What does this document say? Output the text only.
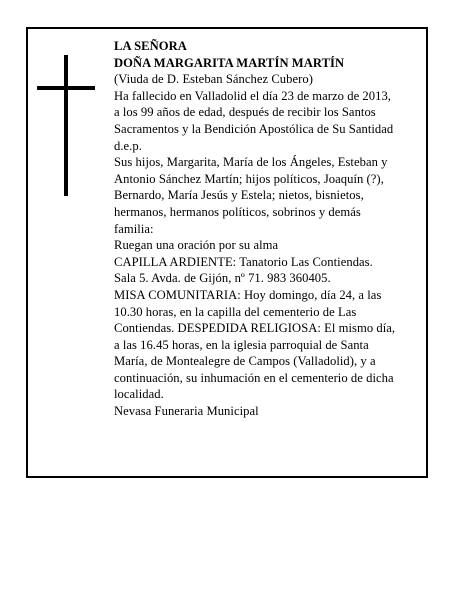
LA SEÑORA
DOÑA MARGARITA MARTÍN MARTÍN
(Viuda de D. Esteban Sánchez Cubero)
Ha fallecido en Valladolid el día 23 de marzo de 2013,
a los 99 años de edad, después de recibir los Santos
Sacramentos y la Bendición Apostólica de Su Santidad
d.e.p.
Sus hijos, Margarita, María de los Ángeles, Esteban y
Antonio Sánchez Martín; hijos políticos, Joaquín (?),
Bernardo, María Jesús y Estela; nietos, bisnietos,
hermanos, hermanos políticos, sobrinos y demás
familia:
Ruegan una oración por su alma
CAPILLA ARDIENTE: Tanatorio Las Contiendas.
Sala 5. Avda. de Gijón, nº 71. 983 360405.
MISA COMUNITARIA: Hoy domingo, día 24, a las
10.30 horas, en la capilla del cementerio de Las
Contiendas. DESPEDIDA RELIGIOSA: El mismo día,
a las 16.45 horas, en la iglesia parroquial de Santa
María, de Montealegre de Campos (Valladolid), y a
continuación, su inhumación en el cementerio de dicha
localidad.
Nevasa Funeraria Municipal
